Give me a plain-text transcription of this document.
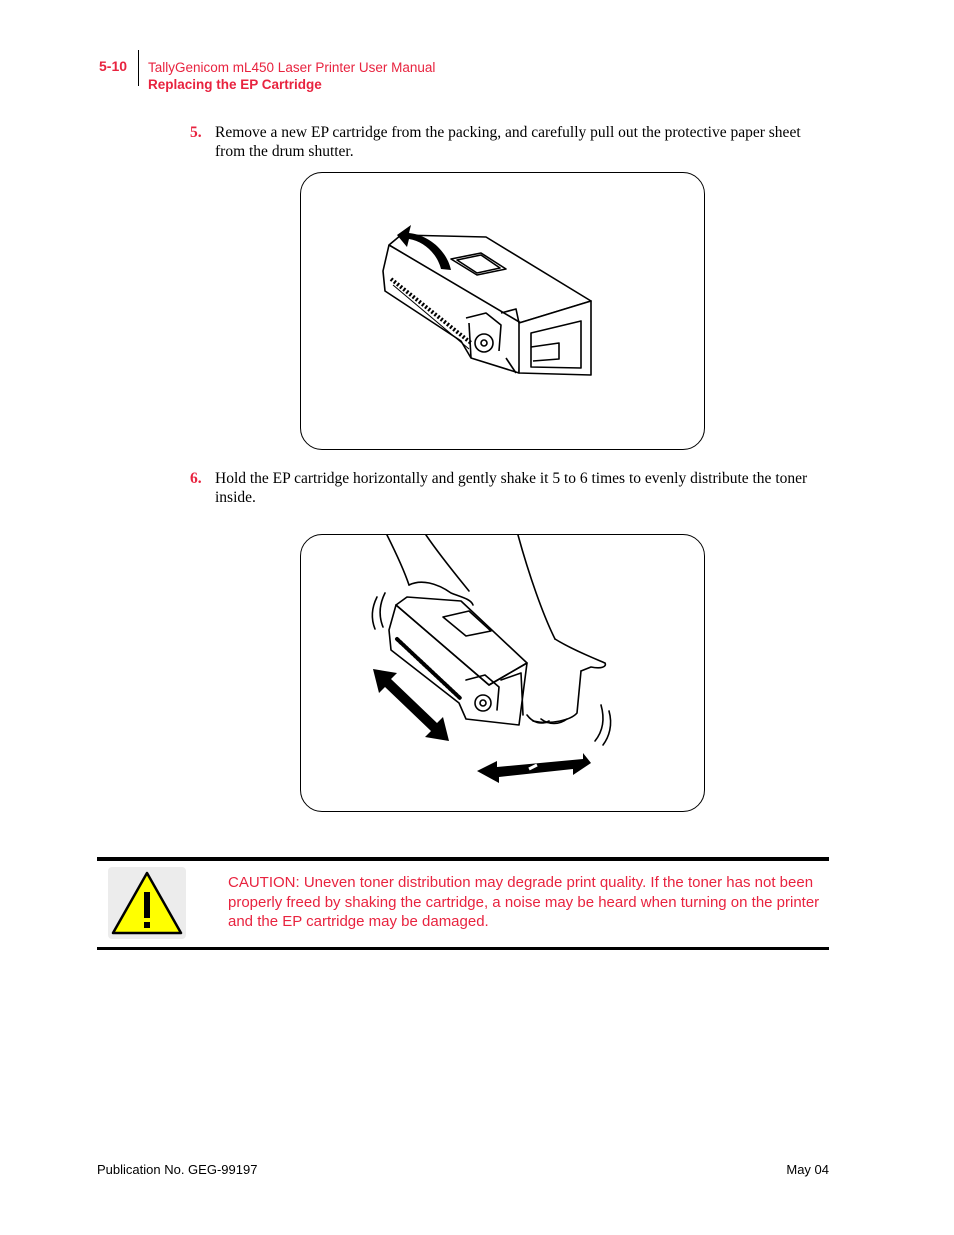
5-10 TallyGenicom mL450 Laser Printer User Manual
Replacing the EP Cartridge
5. Remove a new EP cartridge from the packing, and carefully pull out the protective paper sheet from the drum shutter.
6. Hold the EP cartridge horizontally and gently shake it 5 to 6 times to evenly distribute the toner inside.
CAUTION: Uneven toner distribution may degrade print quality. If the toner has not been properly freed by shaking the cartridge, a noise may be heard when turning on the printer and the EP cartridge may be damaged.
Publication No. GEG-99197	May 04
